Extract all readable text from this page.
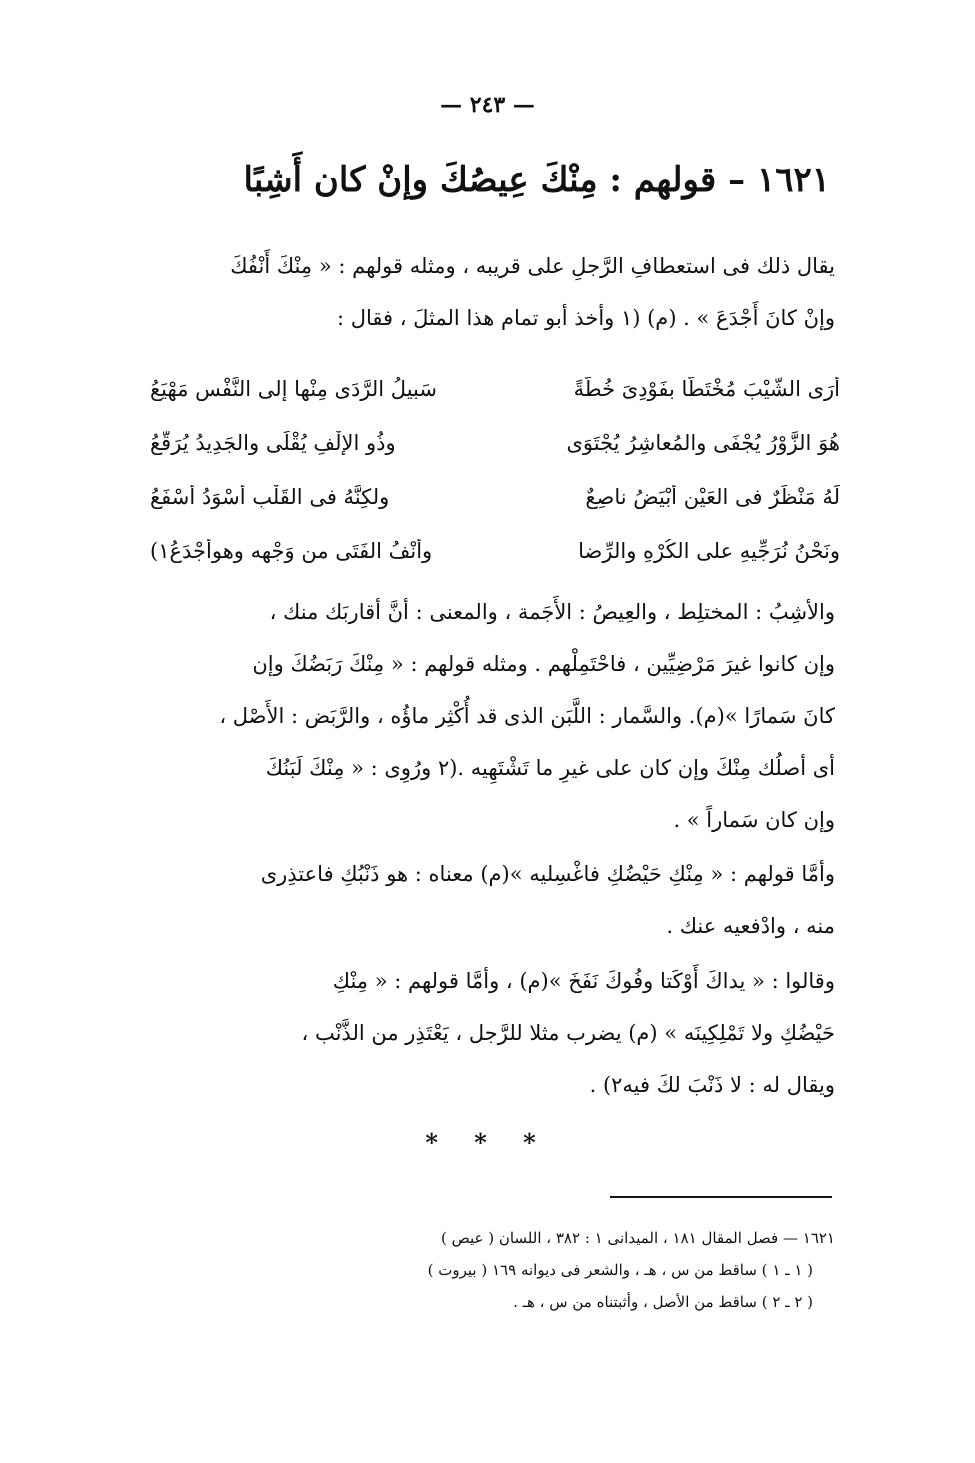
— ٢٤٣ —
١٦٢١ – قولهم : مِنْكَ عِيصُكَ وإنْ كان أَشِبًا
يقال ذلك فى استعطافِ الرَّجلِ على قريبه ، ومثله قولهم : « مِنْكَ أَنْفُكَ
وإنْ كانَ أَجْدَعَ » . (م) (١ وأخذ أبو تمام هذا المثلَ ، فقال :
أرَى الشَّيْبَ مُخْتَطًّا بفَوْدِىَ خُطَّةً
سَبيلُ الرَّدَى مِنْها إلى النَّفْسِ مَهْيَعُ
هُوَ الزَّوْرُ يُجْفَى والمُعاشِرُ يُجْتَوَى
وذُو الإلْفِ يُقْلَى والجَدِيدُ يُرَقَّعُ
لَهُ مَنْظَرٌ فى العَيْنِ أبْيَضُ ناصِعٌ
ولكِنَّهُ فى القَلْبِ أسْوَدُ أسْفَعُ
ونَحْنُ نُرَجِّيهِ على الكُرْهِ والرِّضا
وأَنْفُ الفَتَى من وَجْهِه وهوأجْدَعُ١)
والأشِبُ : المختلِط ، والعِيصُ : الأَجَمة ، والمعنى : أنَّ أقاربَك منك ،
وإن كانوا غيرَ مَرْضِيِّين ، فاحْتَمِلْهم . ومثله قولهم : « مِنْكَ رَبَضُكَ وإن
كانَ سَمارًا »(م). والسَّمار : اللَّبَن الذى قد أُكْثِر ماؤُه ، والرَّبَض : الأَصْل ،
أى أصلُك مِنْكَ وإن كان على غيرِ ما تَشْتَهِيه .(٢ ورُوِى : « مِنْكَ لَبَنُكَ
وإن كان سَماراً » .
وأمَّا قولهم : « مِنْكِ حَيْضُكِ فاغْسِليه »(م) معناه : هو ذَنْبُكِ فاعتذِرى
منه ، وادْفعيه عنك .
وقالوا : « يداكَ أَوْكَتا وفُوكَ نَفَخَ »(م) ، وأمَّا قولهم : « مِنْكِ
حَيْضُكِ ولا تَمْلِكِينَه » (م) يضرب مثلا للرَّجل ، يَعْتَذِر من الذَّنْب ،
ويقال له : لا ذَنْبَ لكَ فيه٢) .
* * *
١٦٢١ — فصل المقال ١٨١ ، الميدانى ١ : ٣٨٢ ، اللسان ( عيص )
( ١ ـ ١ ) ساقط من س ، هـ ، والشعر فى ديوانه ١٦٩ ( بيروت )
( ٢ ـ ٢ ) ساقط من الأصل ، وأثبتناه من س ، هـ .
